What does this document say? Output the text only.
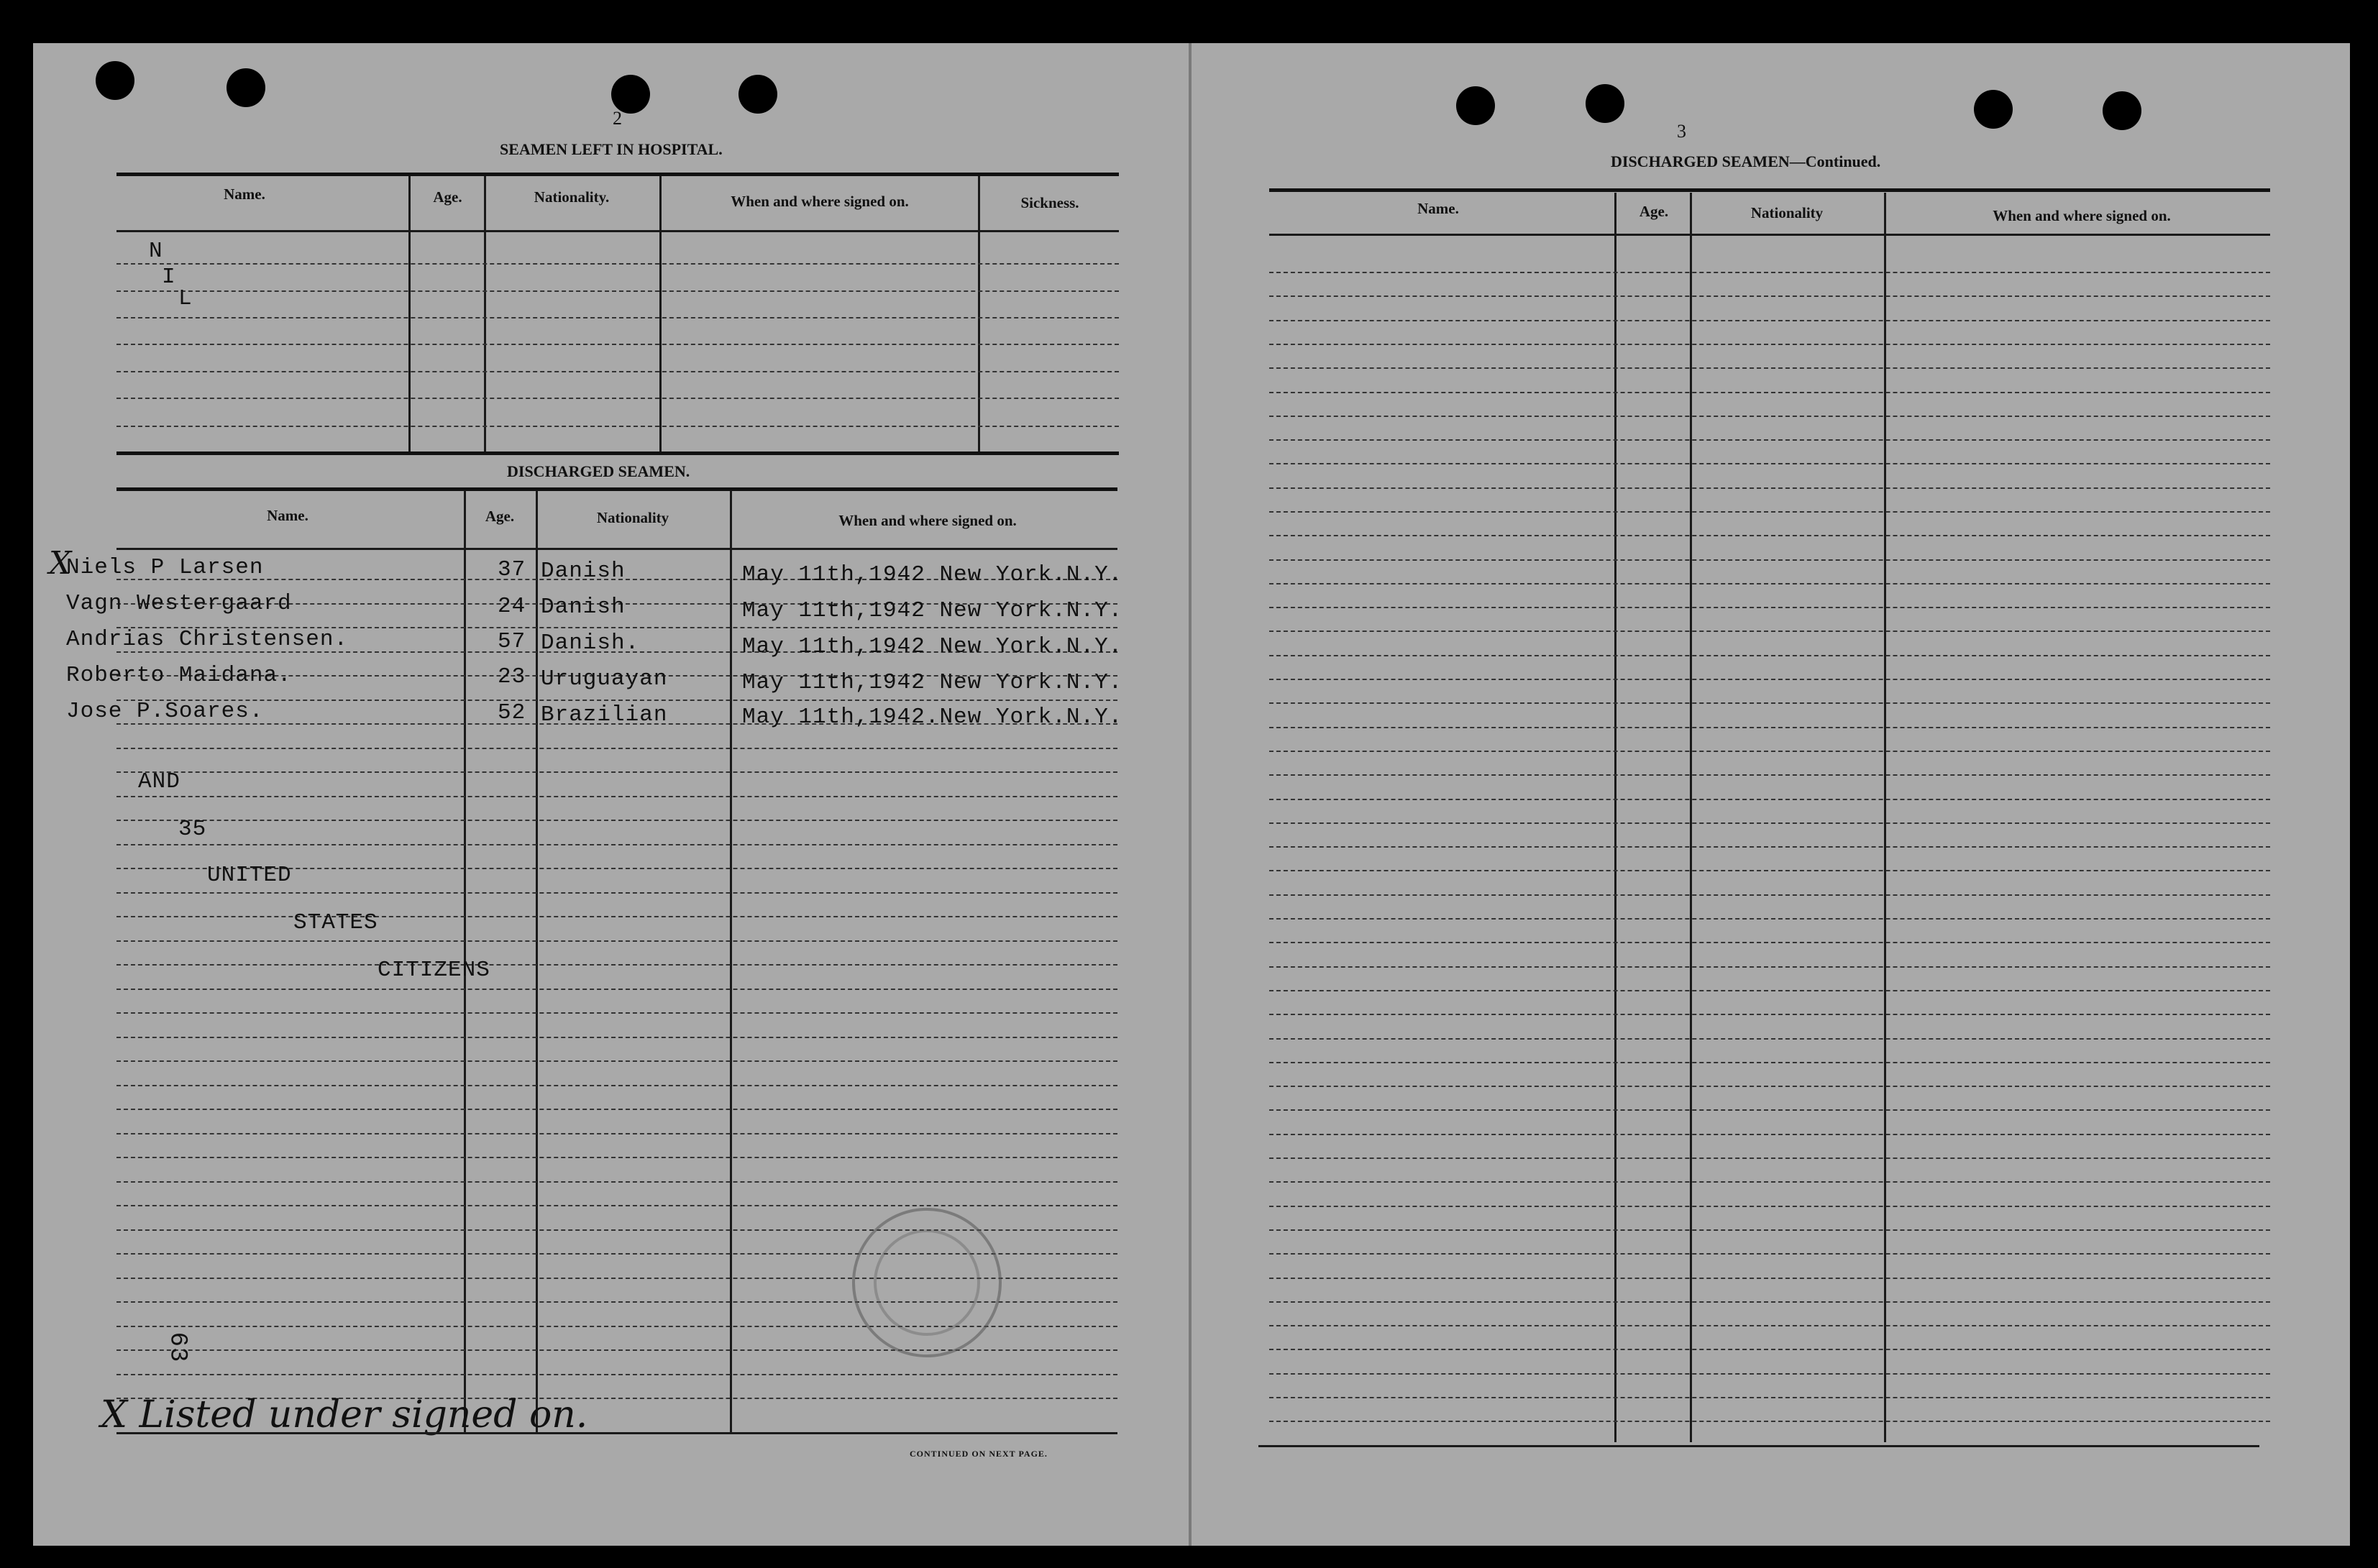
2
SEAMEN LEFT IN HOSPITAL.
Name.	Age.	Nationality.	When and where signed on.	Sickness.
N
I
L
DISCHARGED SEAMEN.
Name.	Age.	Nationality	When and where signed on.
X
Niels P Larsen	37 Danish	May 11th,1942 New York.N.Y.
Vagn Westergaard	24 Danish	May 11th,1942 New York.N.Y.
Andrias Christensen.	57 Danish.	May 11th,1942 New York.N.Y.
Roberto Maidana.	23 Uruguayan	May 11th,1942 New York.N.Y.
Jose P.Soares.	52 Brazilian	May 11th,1942.New York.N.Y.
AND
35
UNITED
STATES
CITIZENS
63
X Listed under signed on.
CONTINUED ON NEXT PAGE.
3
DISCHARGED SEAMEN—Continued.
Name.	Age.	Nationality	When and where signed on.
